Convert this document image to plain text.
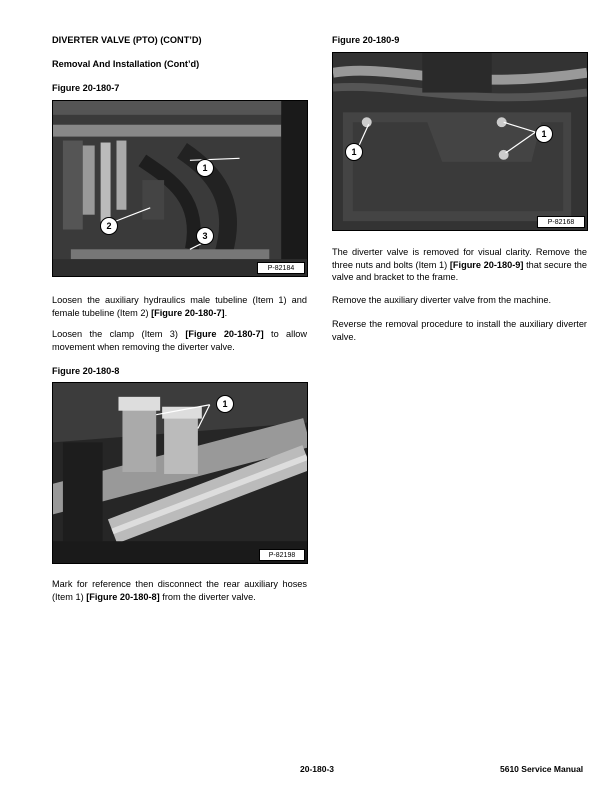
DIVERTER VALVE (PTO) (CONT’D)
Removal And Installation (Cont’d)
Figure 20-180-7
1
2
3
P-82184

Loosen the auxiliary hydraulics male tubeline (Item 1) and female tubeline (Item 2) [Figure 20-180-7].

Loosen the clamp (Item 3) [Figure 20-180-7] to allow movement when removing the diverter valve.

Figure 20-180-8
1
P-82198

Mark for reference then disconnect the rear auxiliary hoses (Item 1) [Figure 20-180-8] from the diverter valve.

Figure 20-180-9
1
1
P-82168

The diverter valve is removed for visual clarity. Remove the three nuts and bolts (Item 1) [Figure 20-180-9] that secure the valve and bracket to the frame.

Remove the auxiliary diverter valve from the machine.

Reverse the removal procedure to install the auxiliary diverter valve.

20-180-3	5610 Service Manual
